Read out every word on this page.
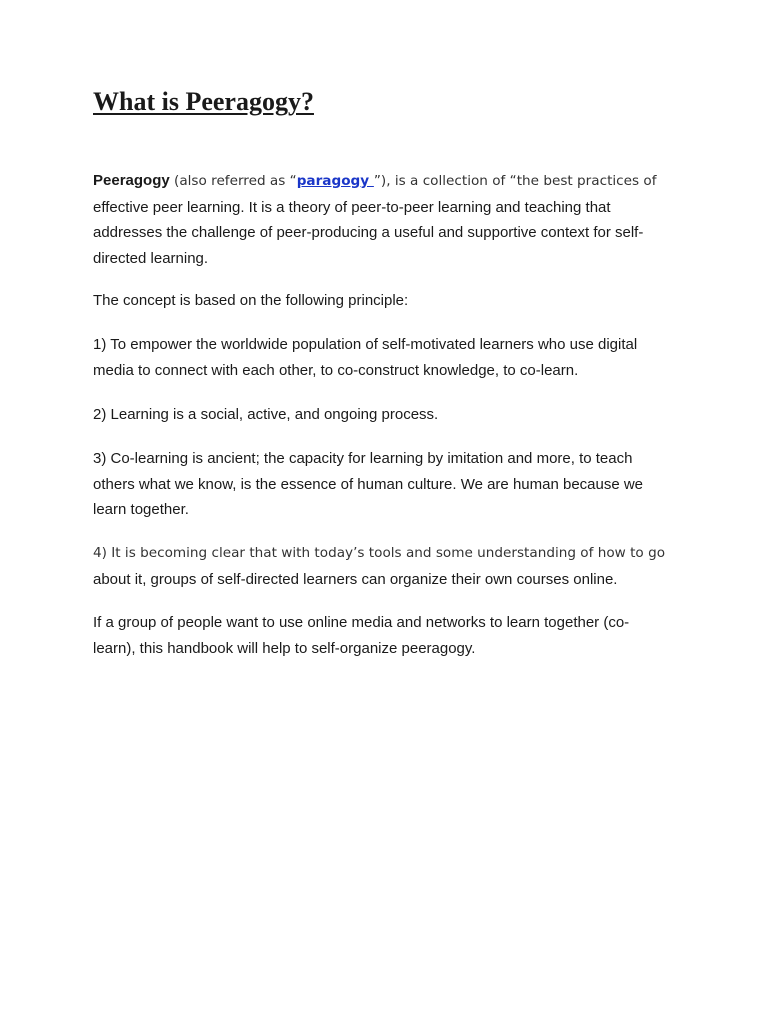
What is Peeragogy?
Peeragogy (also referred as “paragogy ”), is a collection of “the best practices of
effective peer learning. It is a theory of peer-to-peer learning and teaching that
addresses the challenge of peer-producing a useful and supportive context for self-
directed learning.
The concept is based on the following principle:
1) To empower the worldwide population of self-motivated learners who use digital
media to connect with each other, to co-construct knowledge, to co-learn.
2) Learning is a social, active, and ongoing process.
3) Co-learning is ancient; the capacity for learning by imitation and more, to teach
others what we know, is the essence of human culture. We are human because we
learn together.
4) It is becoming clear that with today’s tools and some understanding of how to go
about it, groups of self-directed learners can organize their own courses online.
If a group of people want to use online media and networks to learn together (co-
learn), this handbook will help to self-organize peeragogy.
